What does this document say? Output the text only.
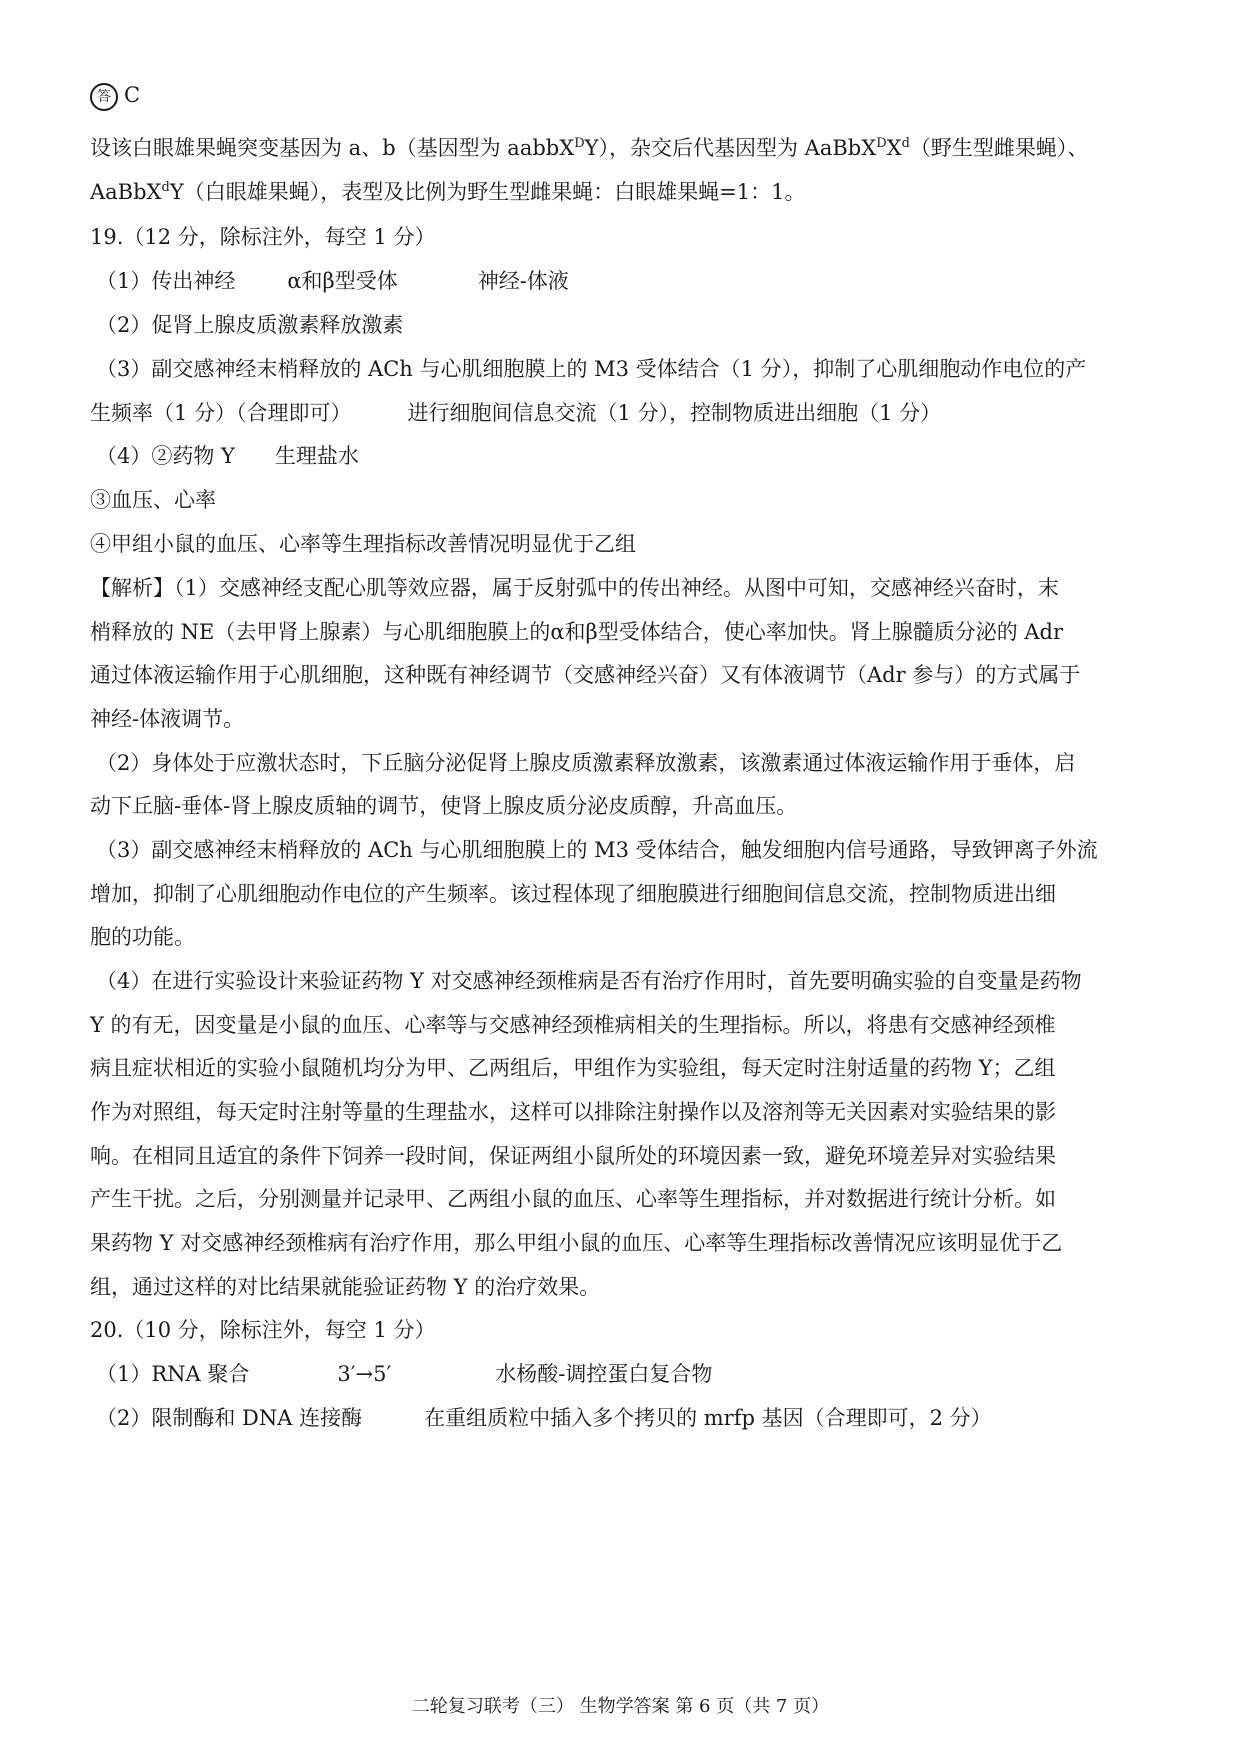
答 C
设该白眼雄果蝇突变基因为 a、b（基因型为 aabbX$^D$Y），杂交后代基因型为 $AaBbX^DX^d$（野生型雌果蝇）、
AaBbX$^d$Y（白眼雄果蝇），表型及比例为野生型雌果蝇：白眼雄果蝇=1：1。
19.（12 分，除标注外，每空 1 分）
（1）传出神经 α和β型受体	神经-体液
（2）促肾上腺皮质激素释放激素
（3）副交感神经末梢释放的 ACh 与心肌细胞膜上的 M3 受体结合（1 分），抑制了心肌细胞动作电位的产
生频率（1 分）（合理即可）	进行细胞间信息交流（1 分），控制物质进出细胞（1 分）
（4）②药物 Y 生理盐水
③血压、心率
④甲组小鼠的血压、心率等生理指标改善情况明显优于乙组
【解析】（1）交感神经支配心肌等效应器，属于反射弧中的传出神经。从图中可知，交感神经兴奋时，末
梢释放的 NE（去甲肾上腺素）与心肌细胞膜上的α和β型受体结合，使心率加快。肾上腺髓质分泌的 Adr
通过体液运输作用于心肌细胞，这种既有神经调节（交感神经兴奋）又有体液调节（Adr 参与）的方式属于
神经-体液调节。
（2）身体处于应激状态时，下丘脑分泌促肾上腺皮质激素释放激素，该激素通过体液运输作用于垂体，启
动下丘脑-垂体-肾上腺皮质轴的调节，使肾上腺皮质分泌皮质醇，升高血压。
（3）副交感神经末梢释放的 ACh 与心肌细胞膜上的 M3 受体结合，触发细胞内信号通路，导致钾离子外流
增加，抑制了心肌细胞动作电位的产生频率。该过程体现了细胞膜进行细胞间信息交流，控制物质进出细
胞的功能。
（4）在进行实验设计来验证药物 Y 对交感神经颈椎病是否有治疗作用时，首先要明确实验的自变量是药物
Y 的有无，因变量是小鼠的血压、心率等与交感神经颈椎病相关的生理指标。所以，将患有交感神经颈椎
病且症状相近的实验小鼠随机均分为甲、乙两组后，甲组作为实验组，每天定时注射适量的药物 Y；乙组
作为对照组，每天定时注射等量的生理盐水，这样可以排除注射操作以及溶剂等无关因素对实验结果的影
响。在相同且适宜的条件下饲养一段时间，保证两组小鼠所处的环境因素一致，避免环境差异对实验结果
产生干扰。之后，分别测量并记录甲、乙两组小鼠的血压、心率等生理指标，并对数据进行统计分析。如
果药物 Y 对交感神经颈椎病有治疗作用，那么甲组小鼠的血压、心率等生理指标改善情况应该明显优于乙
组，通过这样的对比结果就能验证药物 Y 的治疗效果。
20.（10 分，除标注外，每空 1 分）
（1）RNA 聚合	3′→5′	水杨酸-调控蛋白复合物
（2）限制酶和 DNA 连接酶	在重组质粒中插入多个拷贝的 mrfp 基因（合理即可，2 分）
二轮复习联考（三） 生物学答案 第 6 页（共 7 页）
